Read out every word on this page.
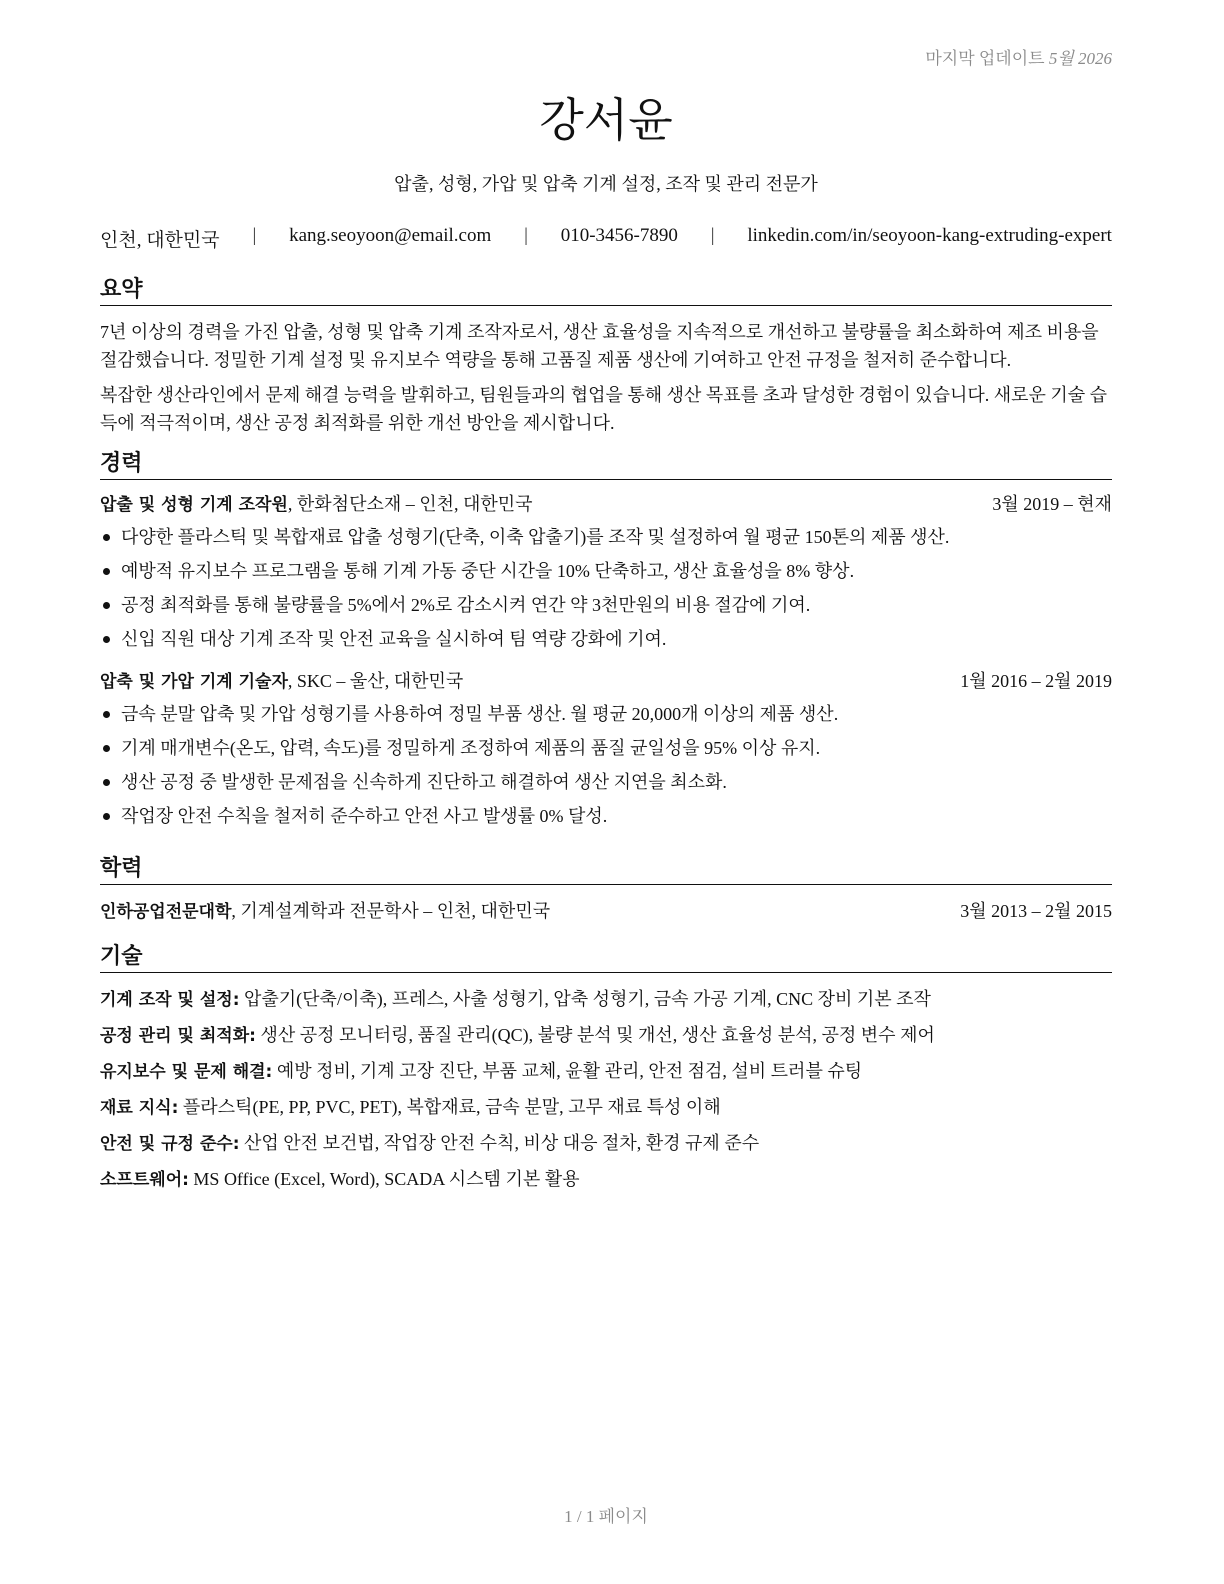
마지막 업데이트 5월 2026
강서윤

압출, 성형, 가압 및 압축 기계 설정, 조작 및 관리 전문가

인천, 대한민국 | kang.seoyoon@email.com | 010-3456-7890 | linkedin.com/in/seoyoon-kang-extruding-expert
요약

7년 이상의 경력을 가진 압출, 성형 및 압축 기계 조작자로서, 생산 효율성을 지속적으로 개선하고 불량률을 최소화하여 제조 비용을 절감했습니다. 정밀한 기계 설정 및 유지보수 역량을 통해 고품질 제품 생산에 기여하고 안전 규정을 철저히 준수합니다.

복잡한 생산라인에서 문제 해결 능력을 발휘하고, 팀원들과의 협업을 통해 생산 목표를 초과 달성한 경험이 있습니다. 새로운 기술 습득에 적극적이며, 생산 공정 최적화를 위한 개선 방안을 제시합니다.

경력
압출 및 성형 기계 조작원, 한화첨단소재 – 인천, 대한민국	3월 2019 – 현재
다양한 플라스틱 및 복합재료 압출 성형기(단축, 이축 압출기)를 조작 및 설정하여 월 평균 150톤의 제품 생산.
예방적 유지보수 프로그램을 통해 기계 가동 중단 시간을 10% 단축하고, 생산 효율성을 8% 향상.
공정 최적화를 통해 불량률을 5%에서 2%로 감소시켜 연간 약 3천만원의 비용 절감에 기여.
신입 직원 대상 기계 조작 및 안전 교육을 실시하여 팀 역량 강화에 기여.
압축 및 가압 기계 기술자, SKC – 울산, 대한민국	1월 2016 – 2월 2019
금속 분말 압축 및 가압 성형기를 사용하여 정밀 부품 생산. 월 평균 20,000개 이상의 제품 생산.
기계 매개변수(온도, 압력, 속도)를 정밀하게 조정하여 제품의 품질 균일성을 95% 이상 유지.
생산 공정 중 발생한 문제점을 신속하게 진단하고 해결하여 생산 지연을 최소화.
작업장 안전 수칙을 철저히 준수하고 안전 사고 발생률 0% 달성.
학력
인하공업전문대학, 기계설계학과 전문학사 – 인천, 대한민국	3월 2013 – 2월 2015
기술
기계 조작 및 설정: 압출기(단축/이축), 프레스, 사출 성형기, 압축 성형기, 금속 가공 기계, CNC 장비 기본 조작
공정 관리 및 최적화: 생산 공정 모니터링, 품질 관리(QC), 불량 분석 및 개선, 생산 효율성 분석, 공정 변수 제어
유지보수 및 문제 해결: 예방 정비, 기계 고장 진단, 부품 교체, 윤활 관리, 안전 점검, 설비 트러블 슈팅
재료 지식: 플라스틱(PE, PP, PVC, PET), 복합재료, 금속 분말, 고무 재료 특성 이해
안전 및 규정 준수: 산업 안전 보건법, 작업장 안전 수칙, 비상 대응 절차, 환경 규제 준수
소프트웨어: MS Office (Excel, Word), SCADA 시스템 기본 활용
1 / 1 페이지
